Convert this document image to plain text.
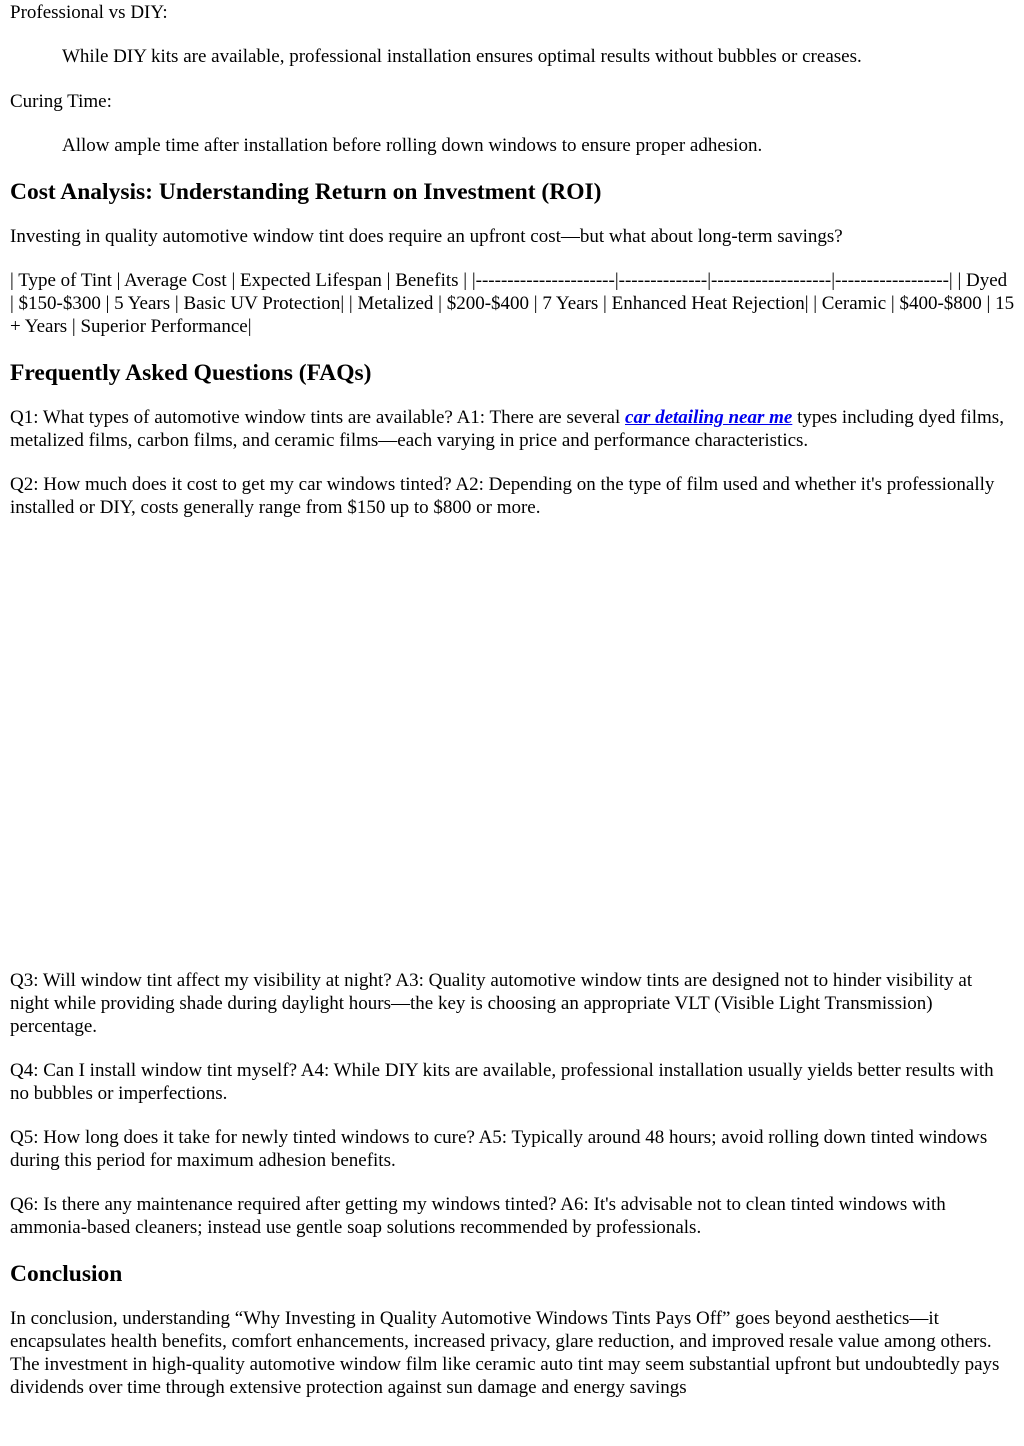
Professional vs DIY:
While DIY kits are available, professional installation ensures optimal results without bubbles or creases.
Curing Time:
Allow ample time after installation before rolling down windows to ensure proper adhesion.
Cost Analysis: Understanding Return on Investment (ROI)

Investing in quality automotive window tint does require an upfront cost—but what about long-term savings?

| Type of Tint | Average Cost | Expected Lifespan | Benefits | |----------------------|--------------|-------------------|------------------| | Dyed | $150-$300 | 5 Years | Basic UV Protection| | Metalized | $200-$400 | 7 Years | Enhanced Heat Rejection| | Ceramic | $400-$800 | 15+ Years | Superior Performance|

Frequently Asked Questions (FAQs)

Q1: What types of automotive window tints are available? A1: There are several car detailing near me types including dyed films, metalized films, carbon films, and ceramic films—each varying in price and performance characteristics.

Q2: How much does it cost to get my car windows tinted? A2: Depending on the type of film used and whether it's professionally installed or DIY, costs generally range from $150 up to $800 or more.

Q3: Will window tint affect my visibility at night? A3: Quality automotive window tints are designed not to hinder visibility at night while providing shade during daylight hours—the key is choosing an appropriate VLT (Visible Light Transmission) percentage.

Q4: Can I install window tint myself? A4: While DIY kits are available, professional installation usually yields better results with no bubbles or imperfections.

Q5: How long does it take for newly tinted windows to cure? A5: Typically around 48 hours; avoid rolling down tinted windows during this period for maximum adhesion benefits.

Q6: Is there any maintenance required after getting my windows tinted? A6: It's advisable not to clean tinted windows with ammonia-based cleaners; instead use gentle soap solutions recommended by professionals.

Conclusion

In conclusion, understanding “Why Investing in Quality Automotive Windows Tints Pays Off” goes beyond aesthetics—it encapsulates health benefits, comfort enhancements, increased privacy, glare reduction, and improved resale value among others. The investment in high-quality automotive window film like ceramic auto tint may seem substantial upfront but undoubtedly pays dividends over time through extensive protection against sun damage and energy savings
